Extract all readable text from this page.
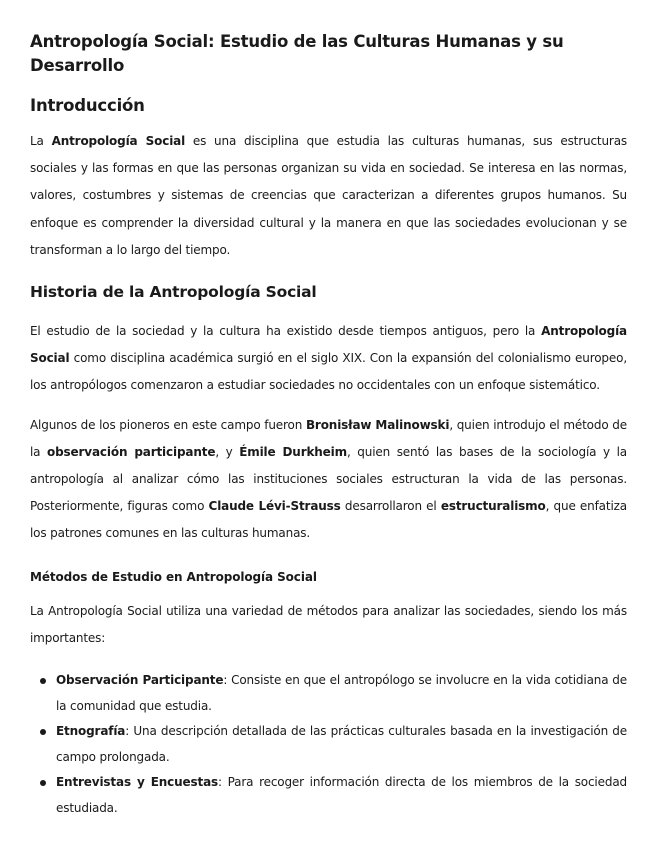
Antropología Social: Estudio de las Culturas Humanas y su Desarrollo
Introducción

La Antropología Social es una disciplina que estudia las culturas humanas, sus estructuras sociales y las formas en que las personas organizan su vida en sociedad. Se interesa en las normas, valores, costumbres y sistemas de creencias que caracterizan a diferentes grupos humanos. Su enfoque es comprender la diversidad cultural y la manera en que las sociedades evolucionan y se transforman a lo largo del tiempo.

Historia de la Antropología Social

El estudio de la sociedad y la cultura ha existido desde tiempos antiguos, pero la Antropología Social como disciplina académica surgió en el siglo XIX. Con la expansión del colonialismo europeo, los antropólogos comenzaron a estudiar sociedades no occidentales con un enfoque sistemático.

Algunos de los pioneros en este campo fueron Bronisław Malinowski, quien introdujo el método de la observación participante, y Émile Durkheim, quien sentó las bases de la sociología y la antropología al analizar cómo las instituciones sociales estructuran la vida de las personas. Posteriormente, figuras como Claude Lévi-Strauss desarrollaron el estructuralismo, que enfatiza los patrones comunes en las culturas humanas.

Métodos de Estudio en Antropología Social

La Antropología Social utiliza una variedad de métodos para analizar las sociedades, siendo los más importantes:

Observación Participante: Consiste en que el antropólogo se involucre en la vida cotidiana de la comunidad que estudia.
Etnografía: Una descripción detallada de las prácticas culturales basada en la investigación de campo prolongada.
Entrevistas y Encuestas: Para recoger información directa de los miembros de la sociedad estudiada.
